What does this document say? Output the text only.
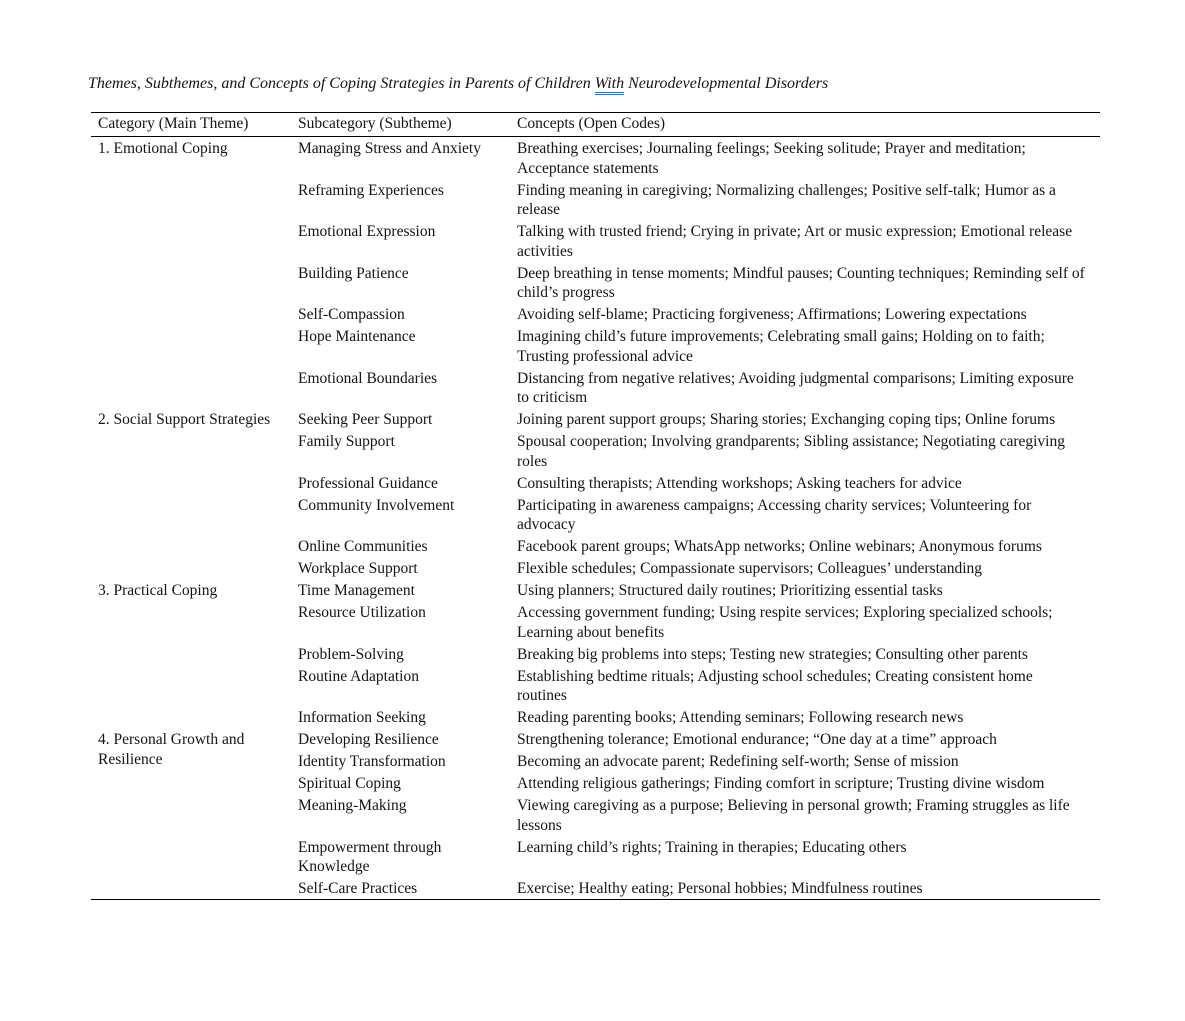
Themes, Subthemes, and Concepts of Coping Strategies in Parents of Children With Neurodevelopmental Disorders
Category (Main Theme)	Subcategory (Subtheme)	Concepts (Open Codes)
1. Emotional Coping	Managing Stress and Anxiety	Breathing exercises; Journaling feelings; Seeking solitude; Prayer and meditation; Acceptance statements
	Reframing Experiences	Finding meaning in caregiving; Normalizing challenges; Positive self-talk; Humor as a release
	Emotional Expression	Talking with trusted friend; Crying in private; Art or music expression; Emotional release activities
	Building Patience	Deep breathing in tense moments; Mindful pauses; Counting techniques; Reminding self of child’s progress
	Self-Compassion	Avoiding self-blame; Practicing forgiveness; Affirmations; Lowering expectations
	Hope Maintenance	Imagining child’s future improvements; Celebrating small gains; Holding on to faith; Trusting professional advice
	Emotional Boundaries	Distancing from negative relatives; Avoiding judgmental comparisons; Limiting exposure to criticism
2. Social Support Strategies	Seeking Peer Support	Joining parent support groups; Sharing stories; Exchanging coping tips; Online forums
	Family Support	Spousal cooperation; Involving grandparents; Sibling assistance; Negotiating caregiving roles
	Professional Guidance	Consulting therapists; Attending workshops; Asking teachers for advice
	Community Involvement	Participating in awareness campaigns; Accessing charity services; Volunteering for advocacy
	Online Communities	Facebook parent groups; WhatsApp networks; Online webinars; Anonymous forums
	Workplace Support	Flexible schedules; Compassionate supervisors; Colleagues’ understanding
3. Practical Coping	Time Management	Using planners; Structured daily routines; Prioritizing essential tasks
	Resource Utilization	Accessing government funding; Using respite services; Exploring specialized schools; Learning about benefits
	Problem-Solving	Breaking big problems into steps; Testing new strategies; Consulting other parents
	Routine Adaptation	Establishing bedtime rituals; Adjusting school schedules; Creating consistent home routines
	Information Seeking	Reading parenting books; Attending seminars; Following research news
4. Personal Growth and Resilience	Developing Resilience	Strengthening tolerance; Emotional endurance; “One day at a time” approach
	Identity Transformation	Becoming an advocate parent; Redefining self-worth; Sense of mission
	Spiritual Coping	Attending religious gatherings; Finding comfort in scripture; Trusting divine wisdom
	Meaning-Making	Viewing caregiving as a purpose; Believing in personal growth; Framing struggles as life lessons
	Empowerment through Knowledge	Learning child’s rights; Training in therapies; Educating others
	Self-Care Practices	Exercise; Healthy eating; Personal hobbies; Mindfulness routines
